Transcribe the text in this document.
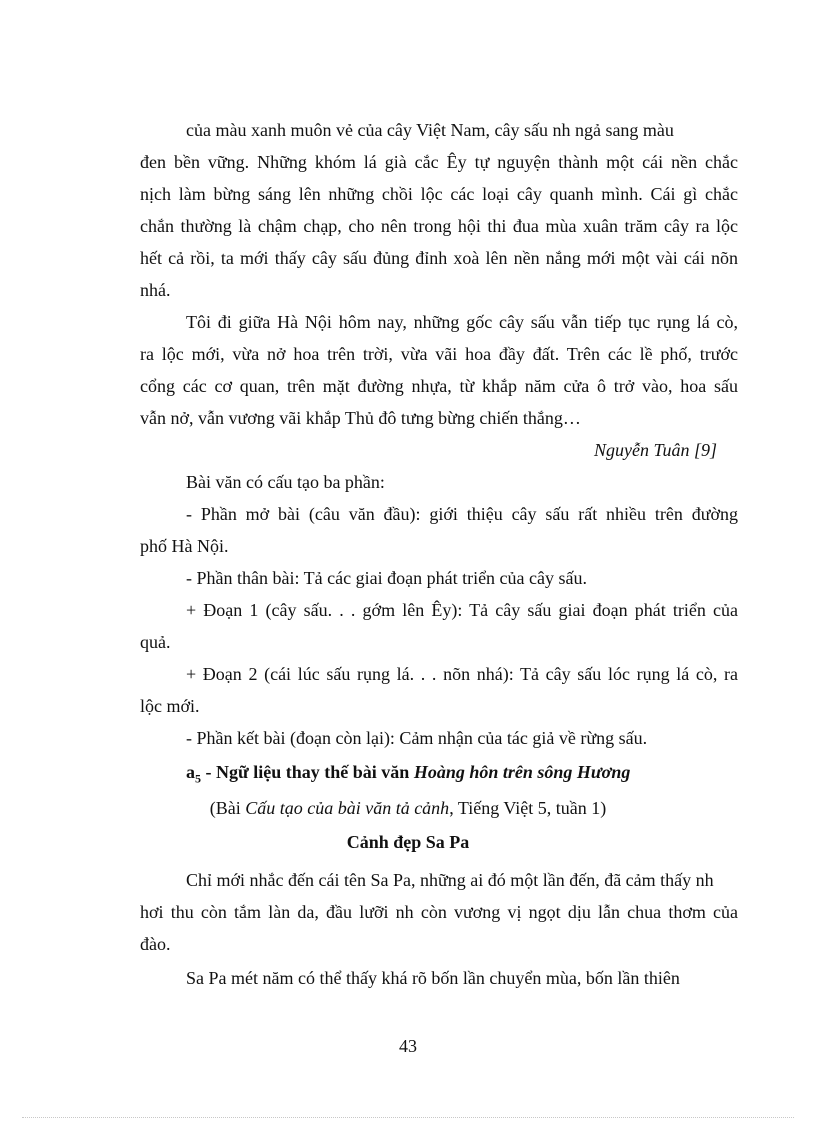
của màu xanh muôn vẻ của cây Việt Nam, cây sấu nh ngả sang màu
đen bền vững. Những khóm lá già cắc Êy tự nguyện thành một cái nền chắc
nịch làm bừng sáng lên những chồi lộc các loại cây quanh mình. Cái gì chắc
chắn thường là chậm chạp, cho nên trong hội thi đua mùa xuân trăm cây ra lộc
hết cả rồi, ta mới thấy cây sấu đủng đỉnh xoà lên nền nắng mới một vài cái nõn
nhá.
Tôi đi giữa Hà Nội hôm nay, những gốc cây sấu vẫn tiếp tục rụng lá cò,
ra lộc mới, vừa nở hoa trên trời, vừa vãi hoa đầy đất. Trên các lề phố, trước
cổng các cơ quan, trên mặt đường nhựa, từ khắp năm cửa ô trở vào, hoa sấu
vẫn nở, vẫn vương vãi khắp Thủ đô tưng bừng chiến thắng…
Nguyễn Tuân [9]
Bài văn có cấu tạo ba phần:
- Phần mở bài (câu văn đầu): giới thiệu cây sấu rất nhiều trên đường
phố Hà Nội.
- Phần thân bài: Tả các giai đoạn phát triển của cây sấu.
+ Đoạn 1 (cây sấu. . . gớm lên Êy): Tả cây sấu giai đoạn phát triển của
quả.
+ Đoạn 2 (cái lúc sấu rụng lá. . . nõn nhá): Tả cây sấu lóc rụng lá cò, ra
lộc mới.
- Phần kết bài (đoạn còn lại): Cảm nhận của tác giả về rừng sấu.
$a_5$ - Ngữ liệu thay thế bài văn Hoàng hôn trên sông Hương
(Bài Cấu tạo của bài văn tả cảnh, Tiếng Việt 5, tuần 1)
Cảnh đẹp Sa Pa
Chỉ mới nhắc đến cái tên Sa Pa, những ai đó một lần đến, đã cảm thấy nh
hơi thu còn tắm làn da, đầu lưỡi nh còn vương vị ngọt dịu lẫn chua thơm của
đào.
Sa Pa mét năm có thể thấy khá rõ bốn lần chuyển mùa, bốn lần thiên
43
